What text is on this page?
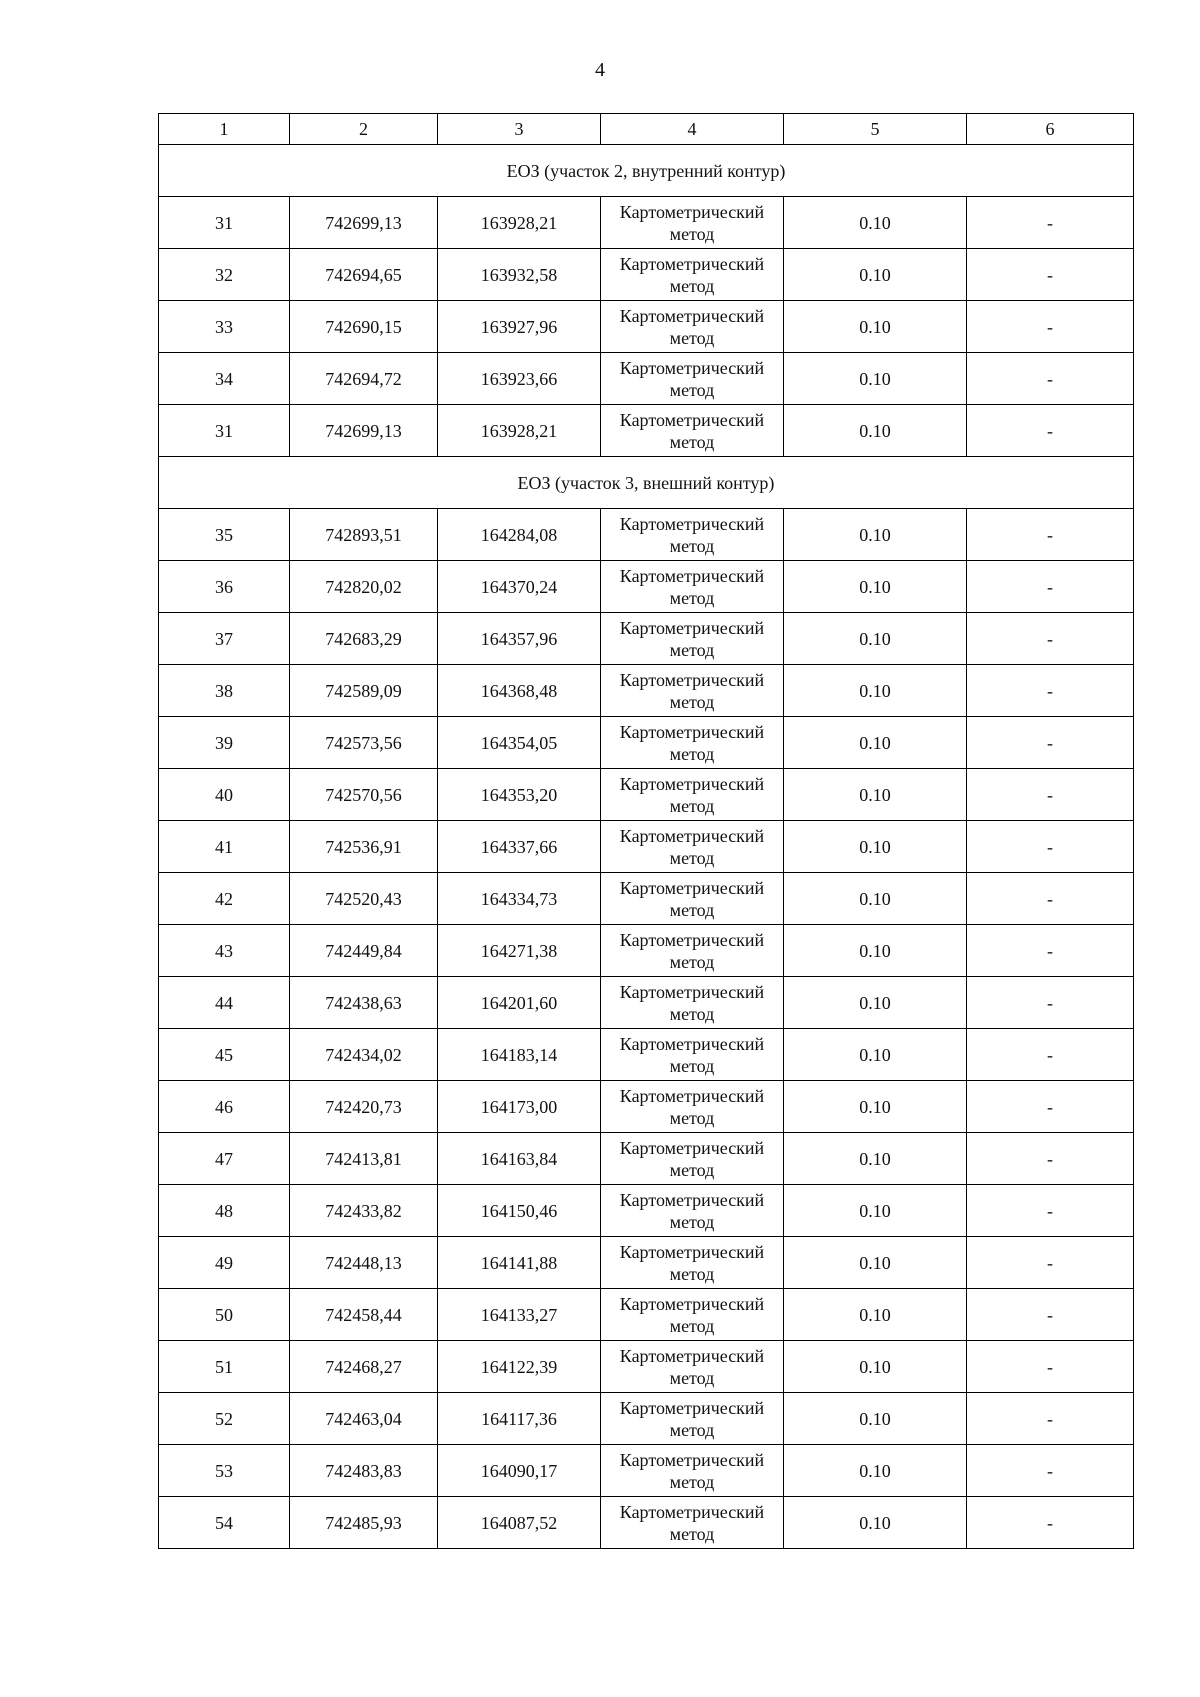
4
1	2	3	4	5	6
ЕОЗ (участок 2, внутренний контур)					
31	742699,13	163928,21	Картометрический метод	0.10	-
32	742694,65	163932,58	Картометрический метод	0.10	-
33	742690,15	163927,96	Картометрический метод	0.10	-
34	742694,72	163923,66	Картометрический метод	0.10	-
31	742699,13	163928,21	Картометрический метод	0.10	-
ЕОЗ (участок 3, внешний контур)					
35	742893,51	164284,08	Картометрический метод	0.10	-
36	742820,02	164370,24	Картометрический метод	0.10	-
37	742683,29	164357,96	Картометрический метод	0.10	-
38	742589,09	164368,48	Картометрический метод	0.10	-
39	742573,56	164354,05	Картометрический метод	0.10	-
40	742570,56	164353,20	Картометрический метод	0.10	-
41	742536,91	164337,66	Картометрический метод	0.10	-
42	742520,43	164334,73	Картометрический метод	0.10	-
43	742449,84	164271,38	Картометрический метод	0.10	-
44	742438,63	164201,60	Картометрический метод	0.10	-
45	742434,02	164183,14	Картометрический метод	0.10	-
46	742420,73	164173,00	Картометрический метод	0.10	-
47	742413,81	164163,84	Картометрический метод	0.10	-
48	742433,82	164150,46	Картометрический метод	0.10	-
49	742448,13	164141,88	Картометрический метод	0.10	-
50	742458,44	164133,27	Картометрический метод	0.10	-
51	742468,27	164122,39	Картометрический метод	0.10	-
52	742463,04	164117,36	Картометрический метод	0.10	-
53	742483,83	164090,17	Картометрический метод	0.10	-
54	742485,93	164087,52	Картометрический метод	0.10	-
